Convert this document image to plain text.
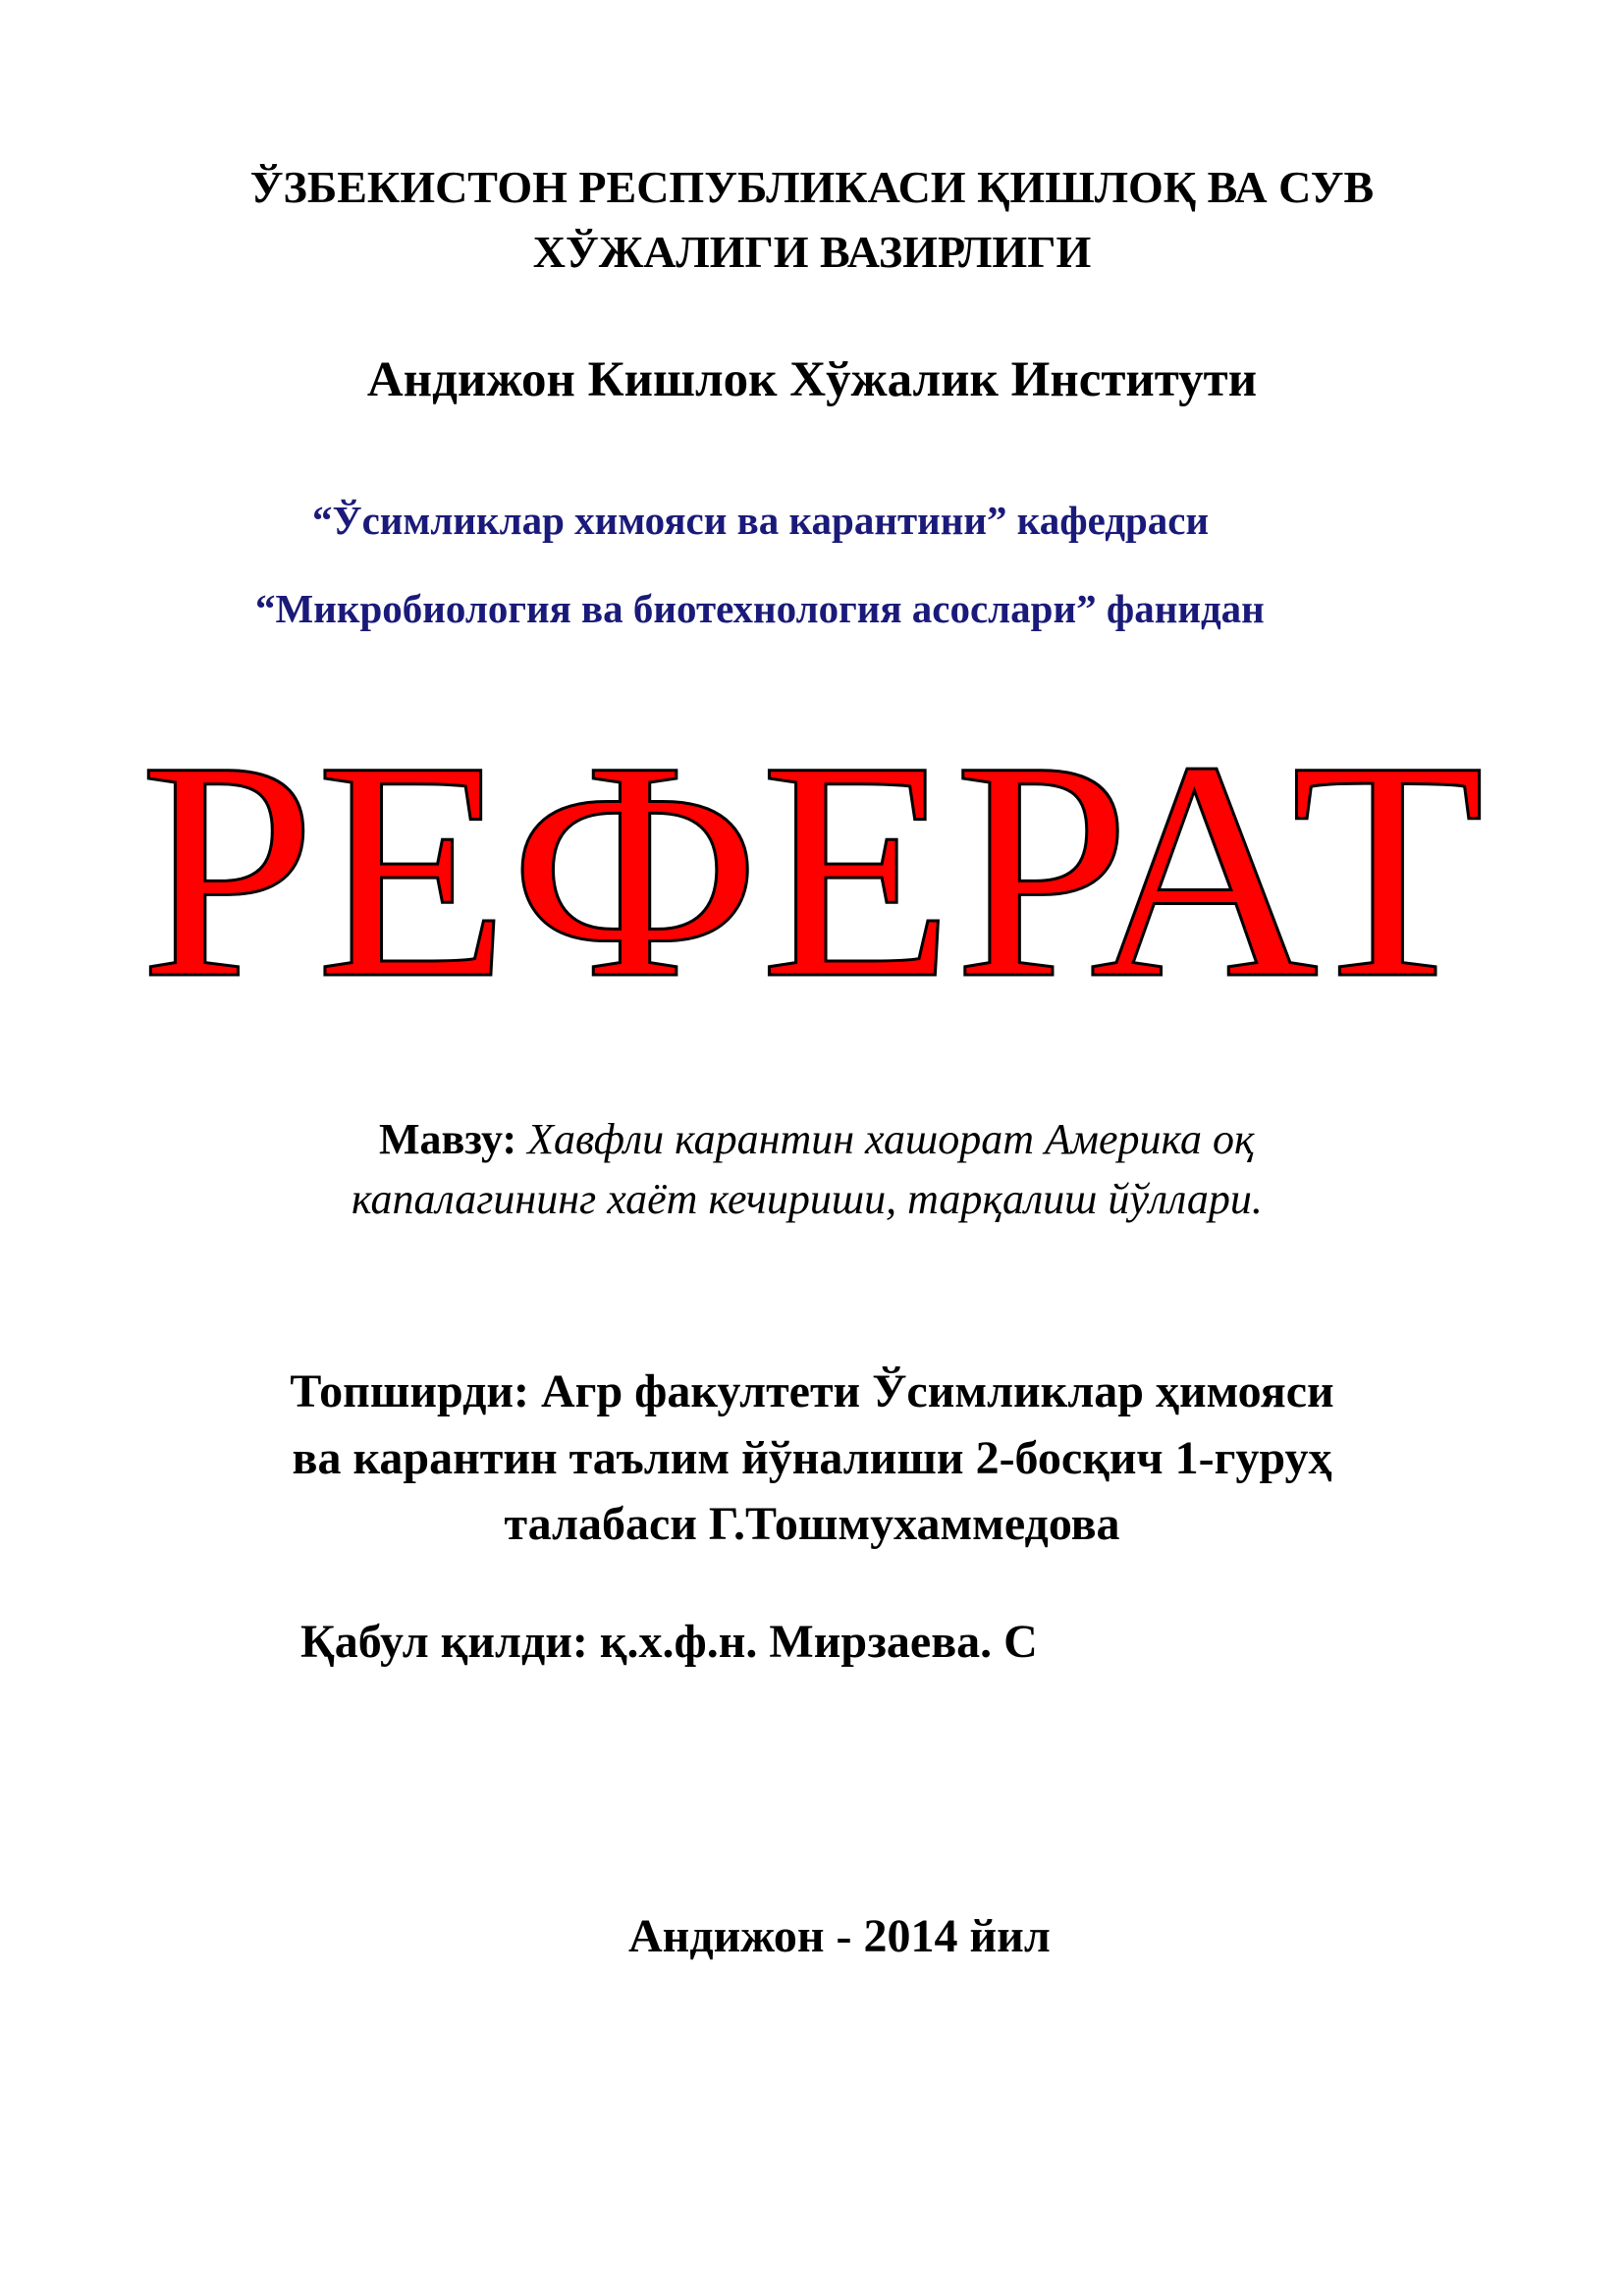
ЎЗБЕКИСТОН РЕСПУБЛИКАСИ ҚИШЛОҚ ВА СУВ
ХЎЖАЛИГИ ВАЗИРЛИГИ
Андижон Кишлок Хўжалик Институти
“Ўсимликлар химояси ва карантини” кафедраси
“Микробиология ва биотехнология асослари” фанидан
РЕФЕРАТ
Мавзу: Хавфли карантин хашорат Америка оқ
капалагининг хаёт кечириши, тарқалиш йўллари.
Топширди: Агр факултети Ўсимликлар ҳимояси
ва карантин таълим йўналиши 2-босқич 1-гуруҳ
талабаси Г.Тошмухаммедова
Қабул қилди: қ.х.ф.н. Мирзаева. С
Андижон - 2014 йил
